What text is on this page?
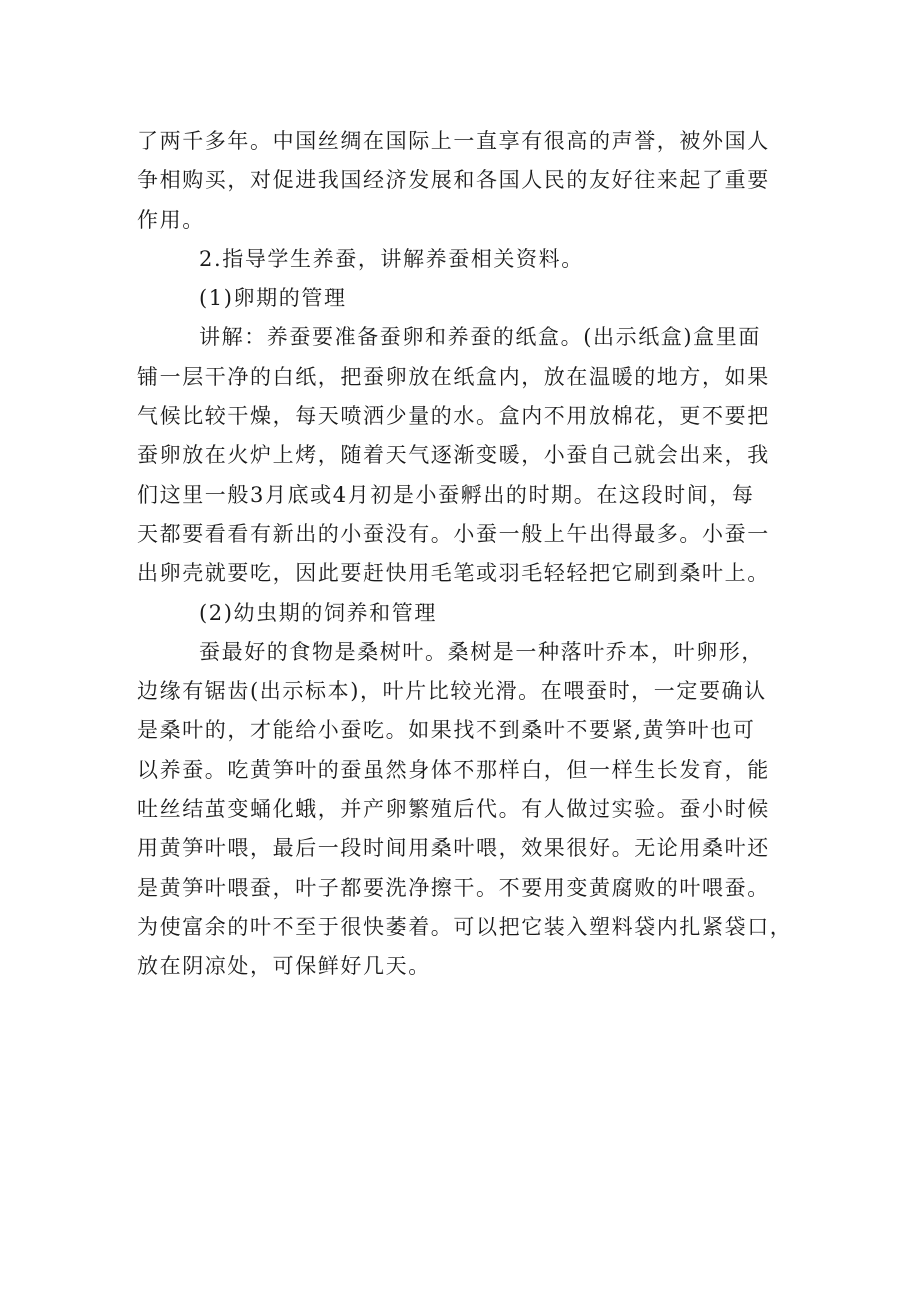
了两千多年。中国丝绸在国际上一直享有很高的声誉，被外国人
争相购买，对促进我国经济发展和各国人民的友好往来起了重要
作用。
2.指导学生养蚕，讲解养蚕相关资料。
(1)卵期的管理
讲解：养蚕要准备蚕卵和养蚕的纸盒。(出示纸盒)盒里面
铺一层干净的白纸，把蚕卵放在纸盒内，放在温暖的地方，如果
气候比较干燥，每天喷洒少量的水。盒内不用放棉花，更不要把
蚕卵放在火炉上烤，随着天气逐渐变暖，小蚕自己就会出来，我
们这里一般3月底或4月初是小蚕孵出的时期。在这段时间，每
天都要看看有新出的小蚕没有。小蚕一般上午出得最多。小蚕一
出卵壳就要吃，因此要赶快用毛笔或羽毛轻轻把它刷到桑叶上。
(2)幼虫期的饲养和管理
蚕最好的食物是桑树叶。桑树是一种落叶乔本，叶卵形，
边缘有锯齿(出示标本)，叶片比较光滑。在喂蚕时，一定要确认
是桑叶的，才能给小蚕吃。如果找不到桑叶不要紧,黄笋叶也可
以养蚕。吃黄笋叶的蚕虽然身体不那样白，但一样生长发育，能
吐丝结茧变蛹化蛾，并产卵繁殖后代。有人做过实验。蚕小时候
用黄笋叶喂，最后一段时间用桑叶喂，效果很好。无论用桑叶还
是黄笋叶喂蚕，叶子都要洗净擦干。不要用变黄腐败的叶喂蚕。
为使富余的叶不至于很快萎着。可以把它装入塑料袋内扎紧袋口，
放在阴凉处，可保鲜好几天。
